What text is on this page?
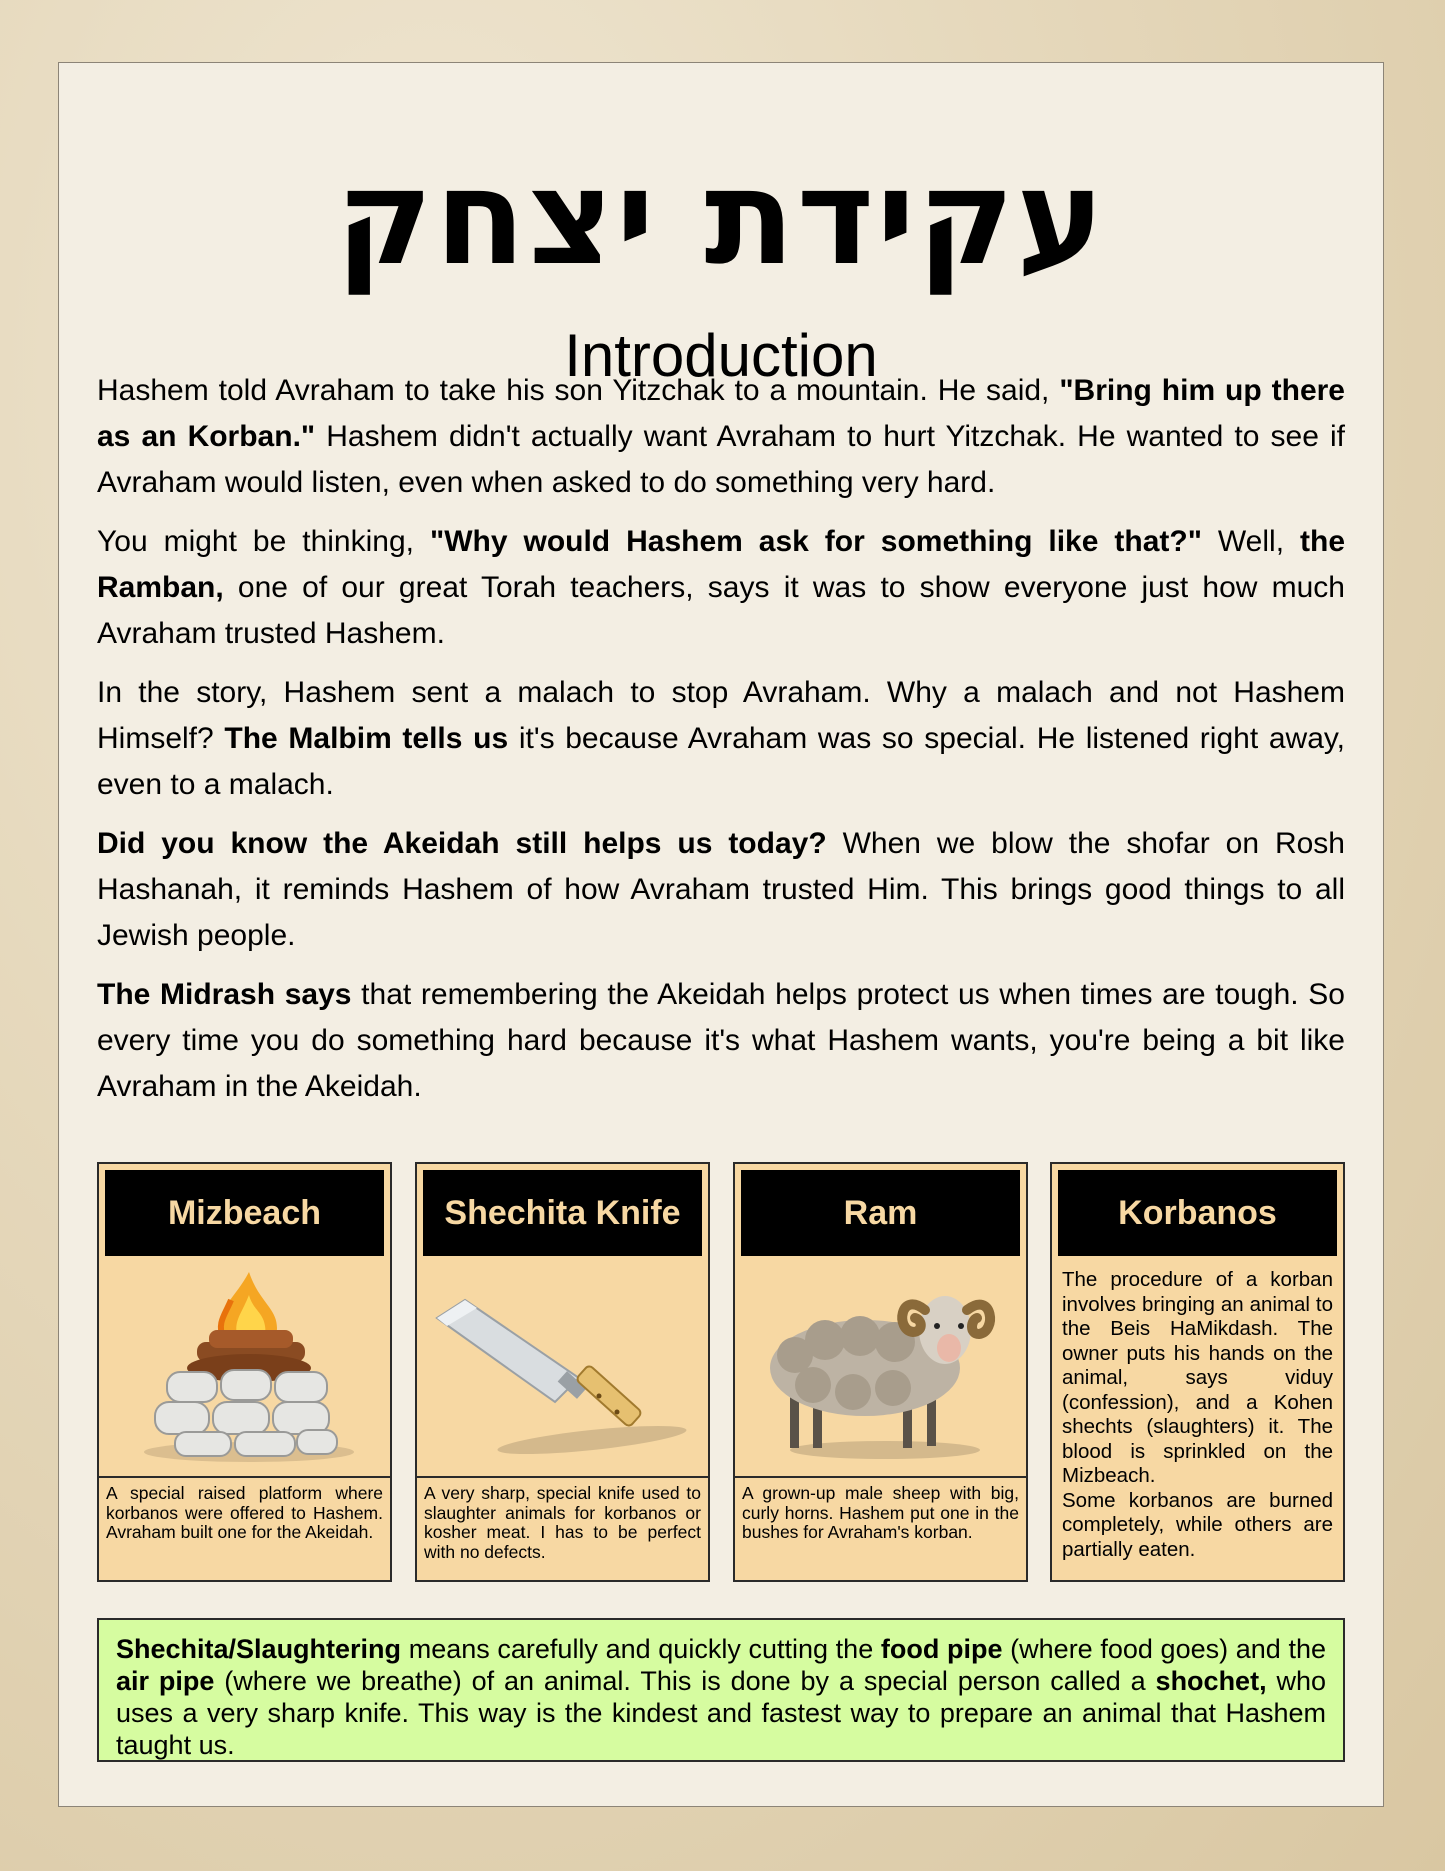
עקידת יצחק
Introduction

Hashem told Avraham to take his son Yitzchak to a mountain. He said, "Bring him up there as an Korban." Hashem didn't actually want Avraham to hurt Yitzchak. He wanted to see if Avraham would listen, even when asked to do something very hard.

You might be thinking, "Why would Hashem ask for something like that?" Well, the Ramban, one of our great Torah teachers, says it was to show everyone just how much Avraham trusted Hashem.

In the story, Hashem sent a malach to stop Avraham. Why a malach and not Hashem Himself? The Malbim tells us it's because Avraham was so special. He listened right away, even to a malach.

Did you know the Akeidah still helps us today? When we blow the shofar on Rosh Hashanah, it reminds Hashem of how Avraham trusted Him. This brings good things to all Jewish people.

The Midrash says that remembering the Akeidah helps protect us when times are tough. So every time you do something hard because it's what Hashem wants, you're being a bit like Avraham in the Akeidah.

Mizbeach
A special raised platform where korbanos were offered to Hashem. Avraham built one for the Akeidah.
Shechita Knife
A very sharp, special knife used to slaughter animals for korbanos or kosher meat. I has to be perfect with no defects.
Ram
A grown-up male sheep with big, curly horns. Hashem put one in the bushes for Avraham's korban.
Korbanos

The procedure of a korban involves bringing an animal to the Beis HaMikdash. The owner puts his hands on the animal, says viduy (confession), and a Kohen shechts (slaughters) it. The blood is sprinkled on the Mizbeach.

Some korbanos are burned completely, while others are partially eaten.

Shechita/Slaughtering means carefully and quickly cutting the food pipe (where food goes) and the air pipe (where we breathe) of an animal. This is done by a special person called a shochet, who uses a very sharp knife. This way is the kindest and fastest way to prepare an animal that Hashem taught us.
